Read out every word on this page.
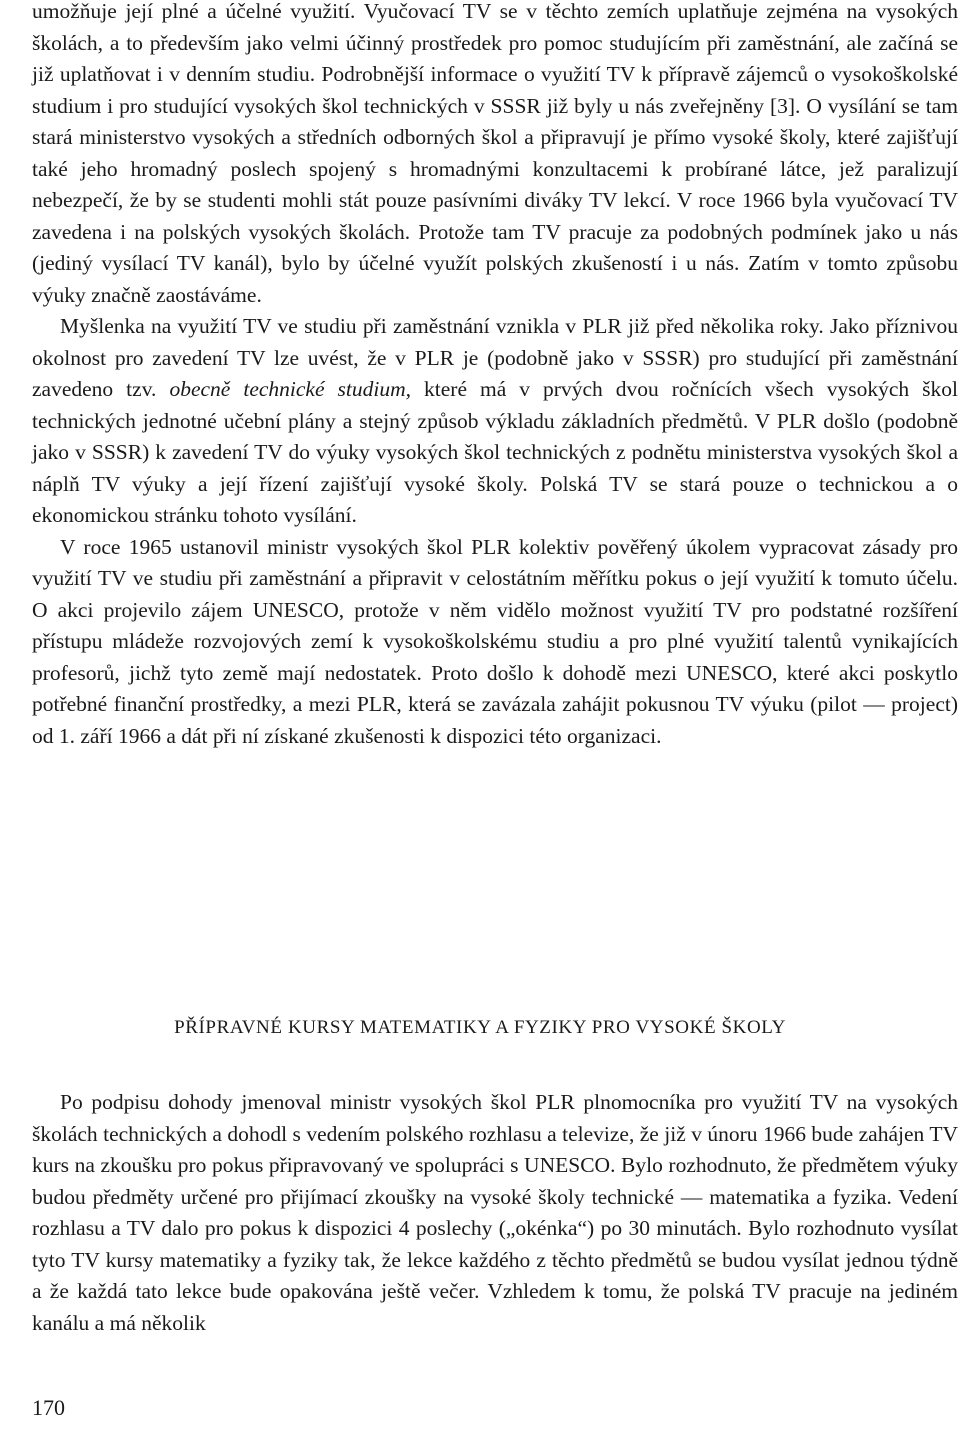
umožňuje její plné a účelné využití. Vyučovací TV se v těchto zemích uplatňuje zejména na vysokých školách, a to především jako velmi účinný prostředek pro pomoc studujícím při zaměstnání, ale začíná se již uplatňovat i v denním studiu. Podrobnější informace o využití TV k přípravě zájemců o vysokoškolské studium i pro studující vysokých škol technických v SSSR již byly u nás zveřejněny [3]. O vysílání se tam stará ministerstvo vysokých a středních odborných škol a připravují je přímo vysoké školy, které zajišťují také jeho hromadný poslech spojený s hromadnými konzultacemi k probírané látce, jež paralizují nebezpečí, že by se studenti mohli stát pouze pasívními diváky TV lekcí. V roce 1966 byla vyučovací TV zavedena i na polských vysokých školách. Protože tam TV pracuje za podobných podmínek jako u nás (jediný vysílací TV kanál), bylo by účelné využít polských zkušeností i u nás. Zatím v tomto způsobu výuky značně zaostáváme.

Myšlenka na využití TV ve studiu při zaměstnání vznikla v PLR již před několika roky. Jako příznivou okolnost pro zavedení TV lze uvést, že v PLR je (podobně jako v SSSR) pro studující při zaměstnání zavedeno tzv. obecně technické studium, které má v prvých dvou ročnících všech vysokých škol technických jednotné učební plány a stejný způsob výkladu základních předmětů. V PLR došlo (podobně jako v SSSR) k zavedení TV do výuky vysokých škol technických z podnětu ministerstva vysokých škol a náplň TV výuky a její řízení zajišťují vysoké školy. Polská TV se stará pouze o technickou a o ekonomickou stránku tohoto vysílání.

V roce 1965 ustanovil ministr vysokých škol PLR kolektiv pověřený úkolem vypracovat zásady pro využití TV ve studiu při zaměstnání a připravit v celostátním měřítku pokus o její využití k tomuto účelu. O akci projevilo zájem UNESCO, protože v něm vidělo možnost využití TV pro podstatné rozšíření přístupu mládeže rozvojových zemí k vysokoškolskému studiu a pro plné využití talentů vynikajících profesorů, jichž tyto země mají nedostatek. Proto došlo k dohodě mezi UNESCO, které akci poskytlo potřebné finanční prostředky, a mezi PLR, která se zavázala zahájit pokusnou TV výuku (pilot — project) od 1. září 1966 a dát při ní získané zkušenosti k dispozici této organizaci.

PŘÍPRAVNÉ KURSY MATEMATIKY A FYZIKY PRO VYSOKÉ ŠKOLY

Po podpisu dohody jmenoval ministr vysokých škol PLR plnomocníka pro využití TV na vysokých školách technických a dohodl s vedením polského rozhlasu a televize, že již v únoru 1966 bude zahájen TV kurs na zkoušku pro pokus připravovaný ve spolupráci s UNESCO. Bylo rozhodnuto, že předmětem výuky budou předměty určené pro přijímací zkoušky na vysoké školy technické — matematika a fyzika. Vedení rozhlasu a TV dalo pro pokus k dispozici 4 poslechy („okénka“) po 30 minutách. Bylo rozhodnuto vysílat tyto TV kursy matematiky a fyziky tak, že lekce každého z těchto předmětů se budou vysílat jednou týdně a že každá tato lekce bude opakována ještě večer. Vzhledem k tomu, že polská TV pracuje na jediném kanálu a má několik

170
